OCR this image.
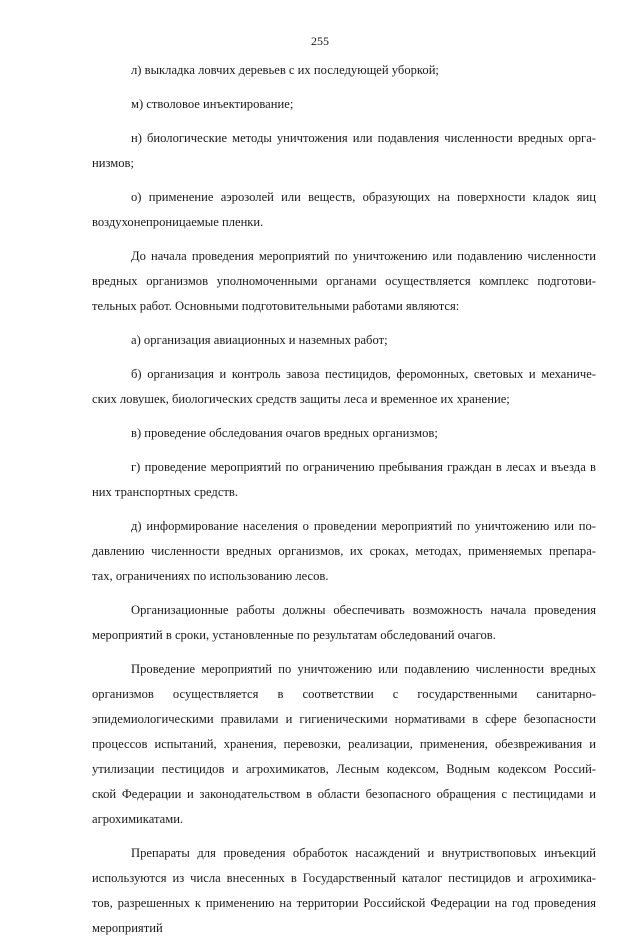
255
л) выкладка ловчих деревьев с их последующей уборкой;
м) стволовое инъектирование;
н) биологические методы уничтожения или подавления численности вредных орга-
низмов;
о) применение аэрозолей или веществ, образующих на поверхности кладок яиц
воздухонепроницаемые пленки.
До начала проведения мероприятий по уничтожению или подавлению численности
вредных организмов уполномоченными органами осуществляется комплекс подготови-
тельных работ. Основными подготовительными работами являются:
а) организация авиационных и наземных работ;
б) организация и контроль завоза пестицидов, феромонных, световых и механиче-
ских ловушек, биологических средств защиты леса и временное их хранение;
в) проведение обследования очагов вредных организмов;
г) проведение мероприятий по ограничению пребывания граждан в лесах и въезда в
них транспортных средств.
д) информирование населения о проведении мероприятий по уничтожению или по-
давлению численности вредных организмов, их сроках, методах, применяемых препара-
тах, ограничениях по использованию лесов.
Организационные работы должны обеспечивать возможность начала проведения
мероприятий в сроки, установленные по результатам обследований очагов.
Проведение мероприятий по уничтожению или подавлению численности вредных
организмов осуществляется в соответствии с государственными санитарно-
эпидемиологическими правилами и гигиеническими нормативами в сфере безопасности
процессов испытаний, хранения, перевозки, реализации, применения, обезвреживания и
утилизации пестицидов и агрохимикатов, Лесным кодексом, Водным кодексом Россий-
ской Федерации и законодательством в области безопасного обращения с пестицидами и
агрохимикатами.
Препараты для проведения обработок насаждений и внутриствоповых инъекций
используются из числа внесенных в Государственный каталог пестицидов и агрохимика-
тов, разрешенных к применению на территории Российской Федерации на год проведения
мероприятий
